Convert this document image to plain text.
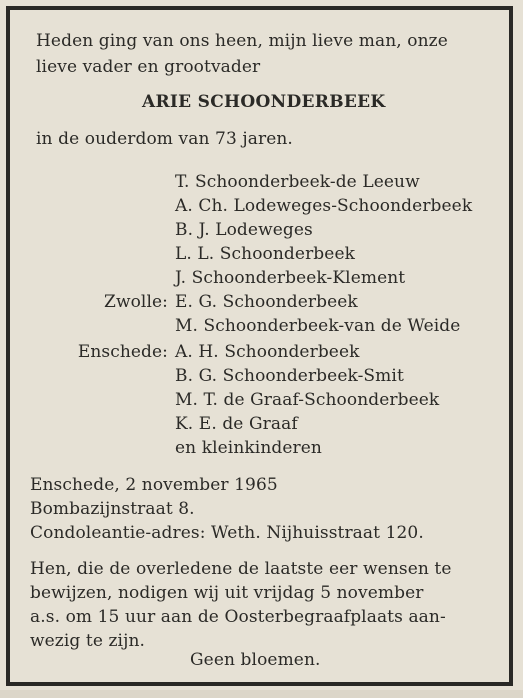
Heden ging van ons heen, mijn lieve man, onze
lieve vader en grootvader
ARIE SCHOONDERBEEK
in de ouderdom van 73 jaren.
T. Schoonderbeek-de Leeuw
A. Ch. Lodeweges-Schoonderbeek
B. J. Lodeweges
L. L. Schoonderbeek
J. Schoonderbeek-Klement
Zwolle: E. G. Schoonderbeek
M. Schoonderbeek-van de Weide
Enschede: A. H. Schoonderbeek
B. G. Schoonderbeek-Smit
M. T. de Graaf-Schoonderbeek
K. E. de Graaf
en kleinkinderen
Enschede, 2 november 1965
Bombazijnstraat 8.
Condoleantie-adres: Weth. Nijhuisstraat 120.
Hen, die de overledene de laatste eer wensen te
bewijzen, nodigen wij uit vrijdag 5 november
a.s. om 15 uur aan de Oosterbegraafplaats aan-
wezig te zijn.
Geen bloemen.
